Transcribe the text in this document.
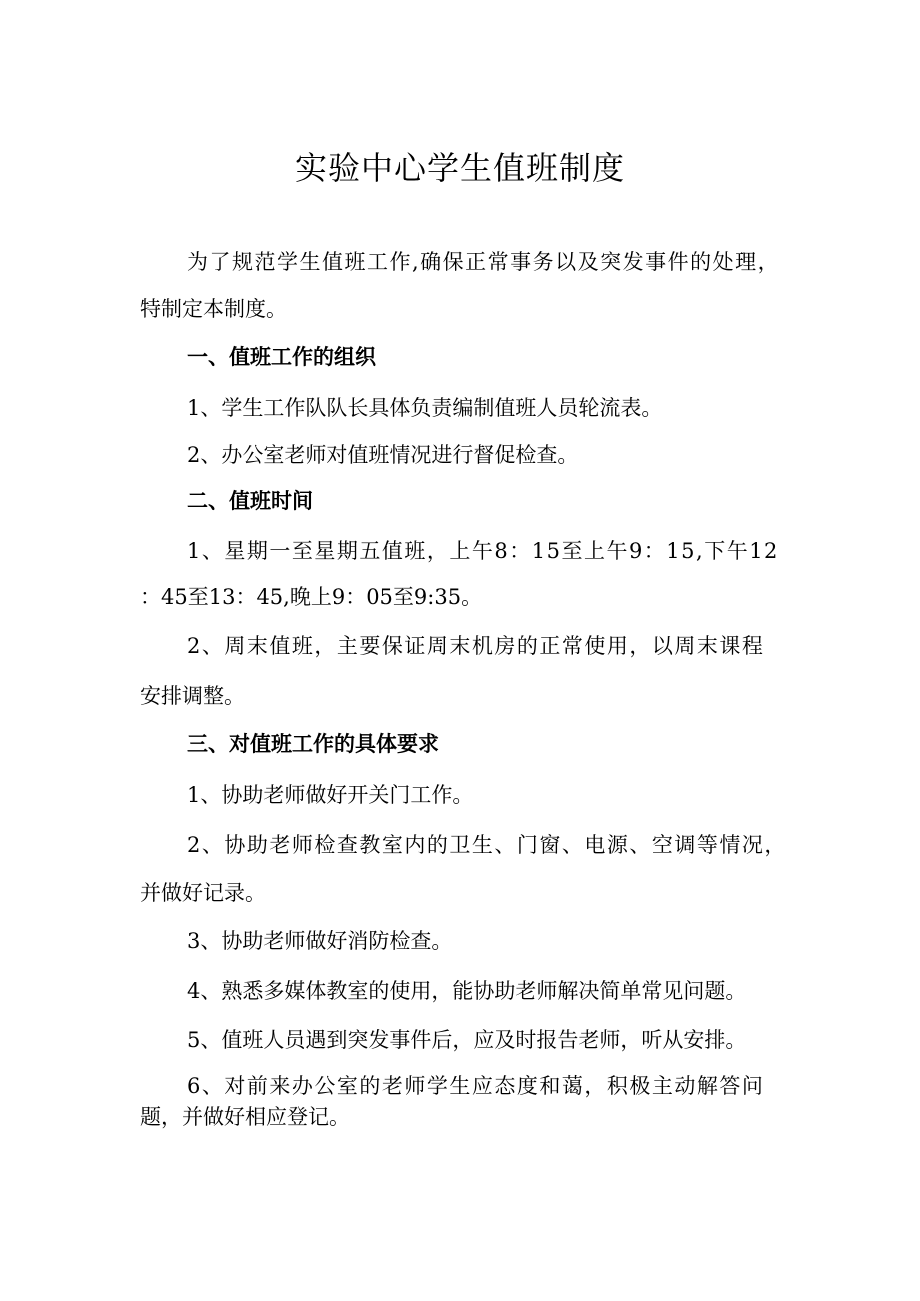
实验中心学生值班制度

为了规范学生值班工作,确保正常事务以及突发事件的处理，

特制定本制度。

一、值班工作的组织

1、学生工作队队长具体负责编制值班人员轮流表。

2、办公室老师对值班情况进行督促检查。

二、值班时间

1、星期一至星期五值班，上午8：15至上午9：15,下午12

：45至13：45,晚上9：05至9:35。

2、周末值班，主要保证周末机房的正常使用，以周末课程

安排调整。

三、对值班工作的具体要求

1、协助老师做好开关门工作。

2、协助老师检查教室内的卫生、门窗、电源、空调等情况，

并做好记录。

3、协助老师做好消防检查。

4、熟悉多媒体教室的使用，能协助老师解决简单常见问题。

5、值班人员遇到突发事件后，应及时报告老师，听从安排。

6、对前来办公室的老师学生应态度和蔼，积极主动解答问

题，并做好相应登记。
